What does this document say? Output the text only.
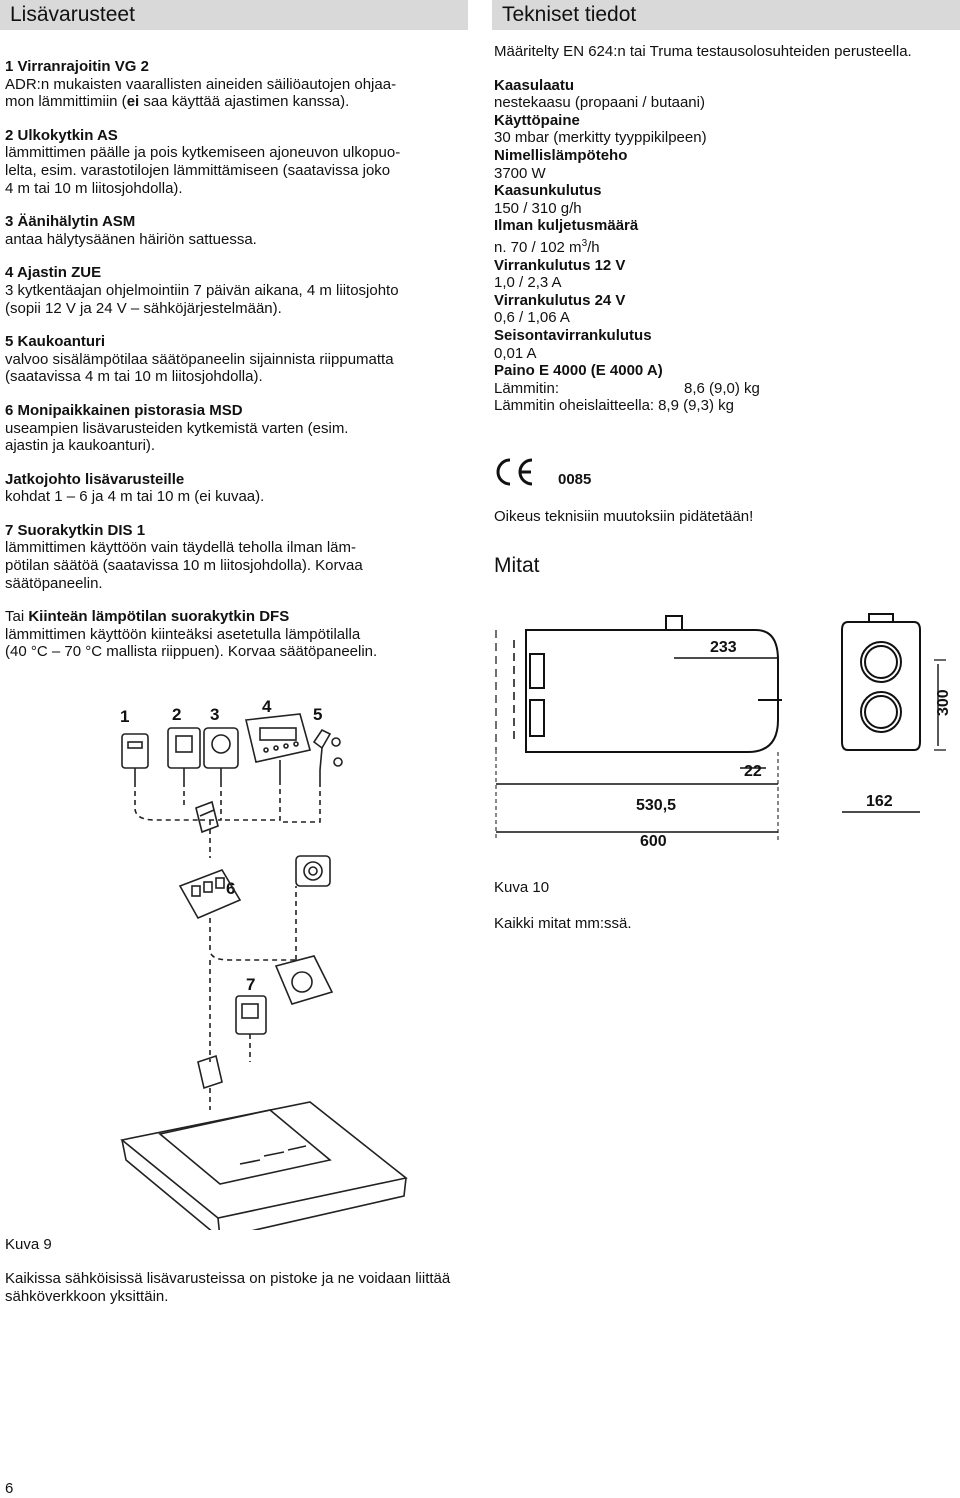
Lisävarusteet	Tekniset tiedot
1 Virranrajoitin VG 2
ADR:n mukaisten vaarallisten aineiden säiliöautojen ohjaa-
mon lämmittimiin (ei saa käyttää ajastimen kanssa).
2 Ulkokytkin AS
lämmittimen päälle ja pois kytkemiseen ajoneuvon ulkopuo-
lelta, esim. varastotilojen lämmittämiseen (saatavissa joko
4 m tai 10 m liitosjohdolla).
3 Äänihälytin ASM
antaa hälytysäänen häiriön sattuessa.
4 Ajastin ZUE
3 kytkentäajan ohjelmointiin 7 päivän aikana, 4 m liitosjohto
(sopii 12 V ja 24 V – sähköjärjestelmään).
5 Kaukoanturi
valvoo sisälämpötilaa säätöpaneelin sijainnista riippumatta
(saatavissa 4 m tai 10 m liitosjohdolla).
6 Monipaikkainen pistorasia MSD
useampien lisävarusteiden kytkemistä varten (esim.
ajastin ja kaukoanturi).
Jatkojohto lisävarusteille
kohdat 1 – 6 ja 4 m tai 10 m (ei kuvaa).
7 Suorakytkin DIS 1
lämmittimen käyttöön vain täydellä teholla ilman läm-
pötilan säätöä (saatavissa 10 m liitosjohdolla). Korvaa
säätöpaneelin.
Tai Kiinteän lämpötilan suorakytkin DFS
lämmittimen käyttöön kiinteäksi asetetulla lämpötilalla
(40 °C – 70 °C mallista riippuen). Korvaa säätöpaneelin.
1	2 3	4 5
6
7
Kuva 9
Kaikissa sähköisissä lisävarusteissa on pistoke ja ne voidaan liittää sähköverkkoon yksittäin.
6
Määritelty EN 624:n tai Truma testausolosuhteiden perusteella.
Kaasulaatu
nestekaasu (propaani / butaani)
Käyttöpaine
30 mbar (merkitty tyyppikilpeen)
Nimellislämpöteho
3700 W
Kaasunkulutus
150 / 310 g/h
Ilman kuljetusmäärä
n. 70 / 102 $m^3/h$
Virrankulutus 12 V
1,0 / 2,3 A
Virrankulutus 24 V
0,6 / 1,06 A
Seisontavirrankulutus
0,01 A
Paino E 4000 (E 4000 A)
Lämmitin:	8,6 (9,0) kg
Lämmitin oheislaitteella: 8,9 (9,3) kg
0085
Oikeus teknisiin muutoksiin pidätetään!
Mitat
233
300
22
530,5	162
600
Kuva 10
Kaikki mitat mm:ssä.
